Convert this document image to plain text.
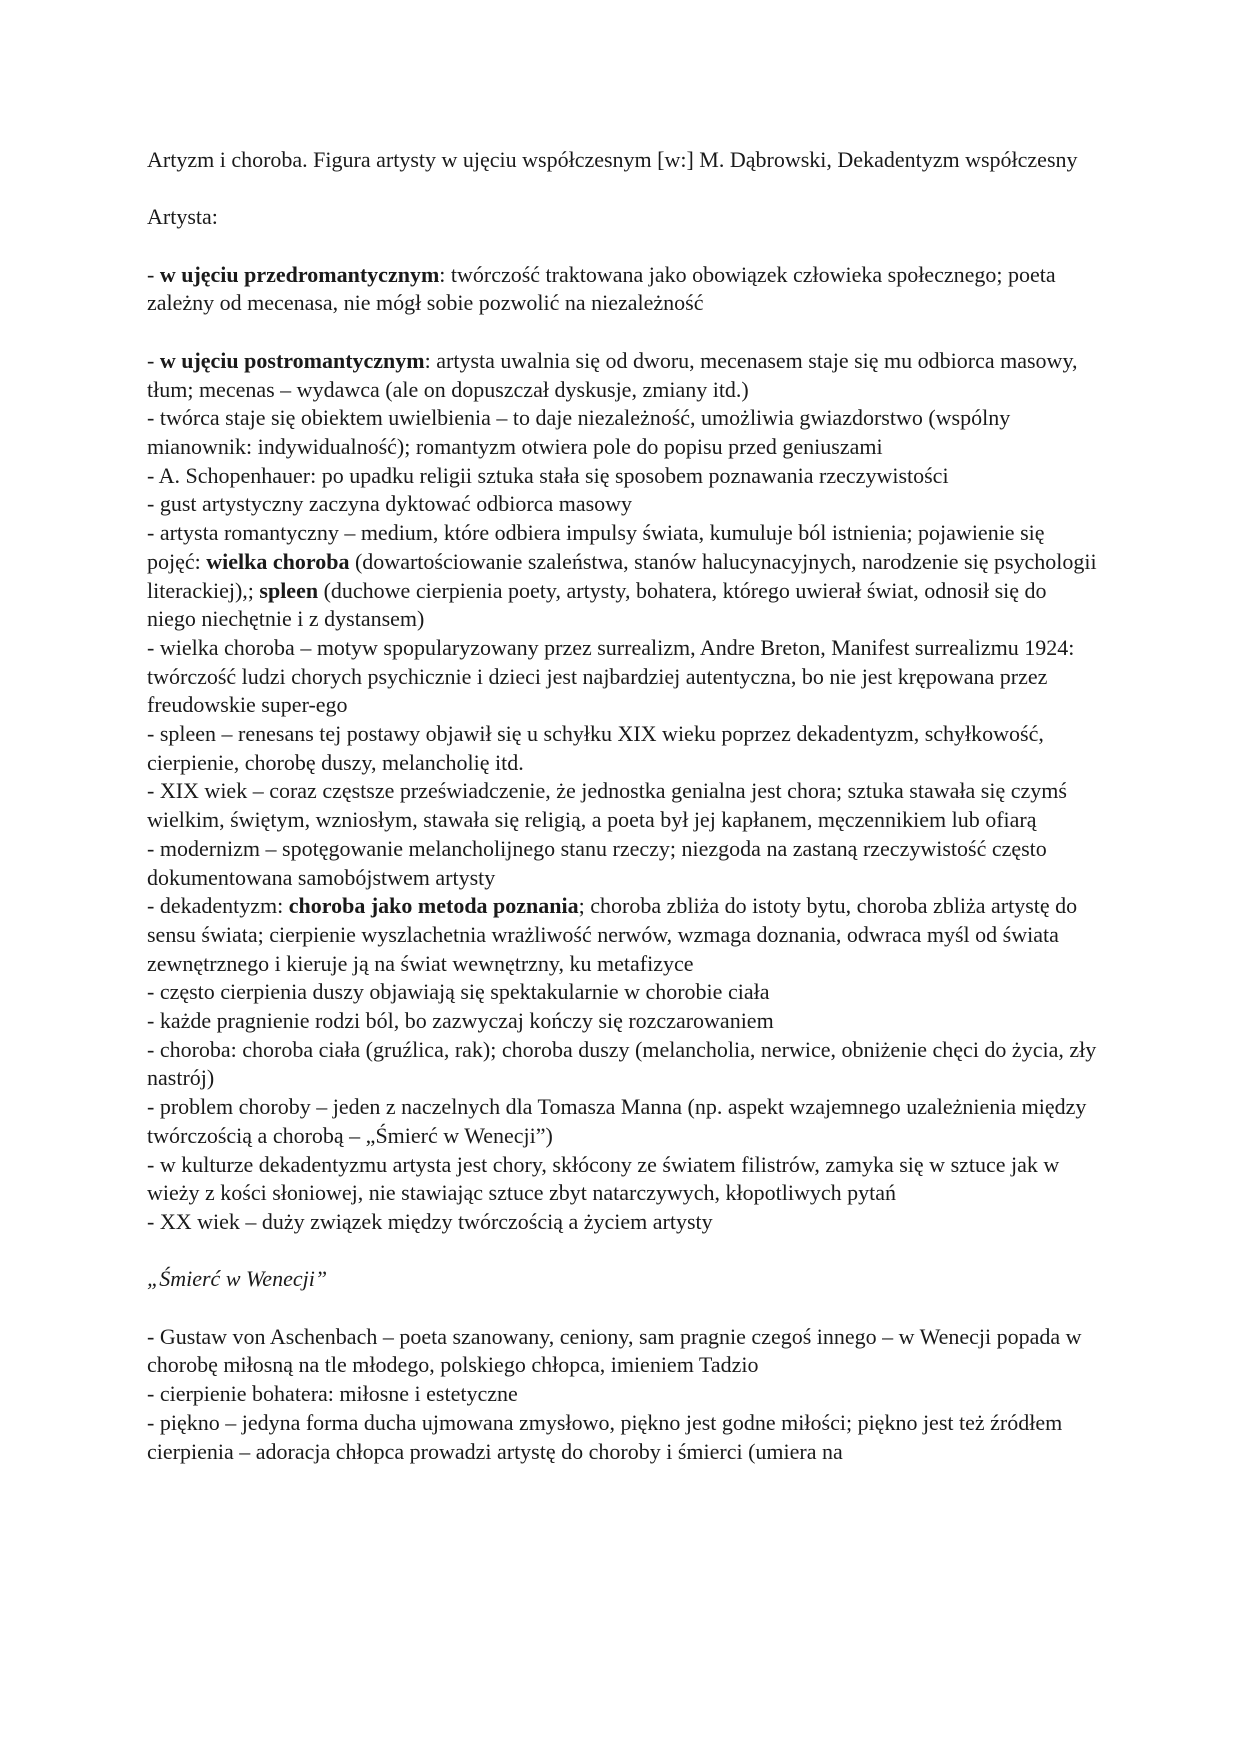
Artyzm i choroba. Figura artysty w ujęciu współczesnym [w:] M. Dąbrowski, Dekadentyzm współczesny

Artysta:

- w ujęciu przedromantycznym: twórczość traktowana jako obowiązek człowieka społecznego; poeta zależny od mecenasa, nie mógł sobie pozwolić na niezależność

- w ujęciu postromantycznym: artysta uwalnia się od dworu, mecenasem staje się mu odbiorca masowy, tłum; mecenas – wydawca (ale on dopuszczał dyskusje, zmiany itd.)

- twórca staje się obiektem uwielbienia – to daje niezależność, umożliwia gwiazdorstwo (wspólny mianownik: indywidualność); romantyzm otwiera pole do popisu przed geniuszami

- A. Schopenhauer: po upadku religii sztuka stała się sposobem poznawania rzeczywistości

- gust artystyczny zaczyna dyktować odbiorca masowy

- artysta romantyczny – medium, które odbiera impulsy świata, kumuluje ból istnienia; pojawienie się pojęć: wielka choroba (dowartościowanie szaleństwa, stanów halucynacyjnych, narodzenie się psychologii literackiej),; spleen (duchowe cierpienia poety, artysty, bohatera, którego uwierał świat, odnosił się do niego niechętnie i z dystansem)

- wielka choroba – motyw spopularyzowany przez surrealizm, Andre Breton, Manifest surrealizmu 1924: twórczość ludzi chorych psychicznie i dzieci jest najbardziej autentyczna, bo nie jest krępowana przez freudowskie super-ego

- spleen – renesans tej postawy objawił się u schyłku XIX wieku poprzez dekadentyzm, schyłkowość, cierpienie, chorobę duszy, melancholię itd.

- XIX wiek – coraz częstsze przeświadczenie, że jednostka genialna jest chora; sztuka stawała się czymś wielkim, świętym, wzniosłym, stawała się religią, a poeta był jej kapłanem, męczennikiem lub ofiarą

- modernizm – spotęgowanie melancholijnego stanu rzeczy; niezgoda na zastaną rzeczywistość często dokumentowana samobójstwem artysty

- dekadentyzm: choroba jako metoda poznania; choroba zbliża do istoty bytu, choroba zbliża artystę do sensu świata; cierpienie wyszlachetnia wrażliwość nerwów, wzmaga doznania, odwraca myśl od świata zewnętrznego i kieruje ją na świat wewnętrzny, ku metafizyce

- często cierpienia duszy objawiają się spektakularnie w chorobie ciała

- każde pragnienie rodzi ból, bo zazwyczaj kończy się rozczarowaniem

- choroba: choroba ciała (gruźlica, rak); choroba duszy (melancholia, nerwice, obniżenie chęci do życia, zły nastrój)

- problem choroby – jeden z naczelnych dla Tomasza Manna (np. aspekt wzajemnego uzależnienia między twórczością a chorobą – „Śmierć w Wenecji”)

- w kulturze dekadentyzmu artysta jest chory, skłócony ze światem filistrów, zamyka się w sztuce jak w wieży z kości słoniowej, nie stawiając sztuce zbyt natarczywych, kłopotliwych pytań

- XX wiek – duży związek między twórczością a życiem artysty

„Śmierć w Wenecji”

- Gustaw von Aschenbach – poeta szanowany, ceniony, sam pragnie czegoś innego – w Wenecji popada w chorobę miłosną na tle młodego, polskiego chłopca, imieniem Tadzio

- cierpienie bohatera: miłosne i estetyczne

- piękno – jedyna forma ducha ujmowana zmysłowo, piękno jest godne miłości; piękno jest też źródłem cierpienia – adoracja chłopca prowadzi artystę do choroby i śmierci (umiera na
